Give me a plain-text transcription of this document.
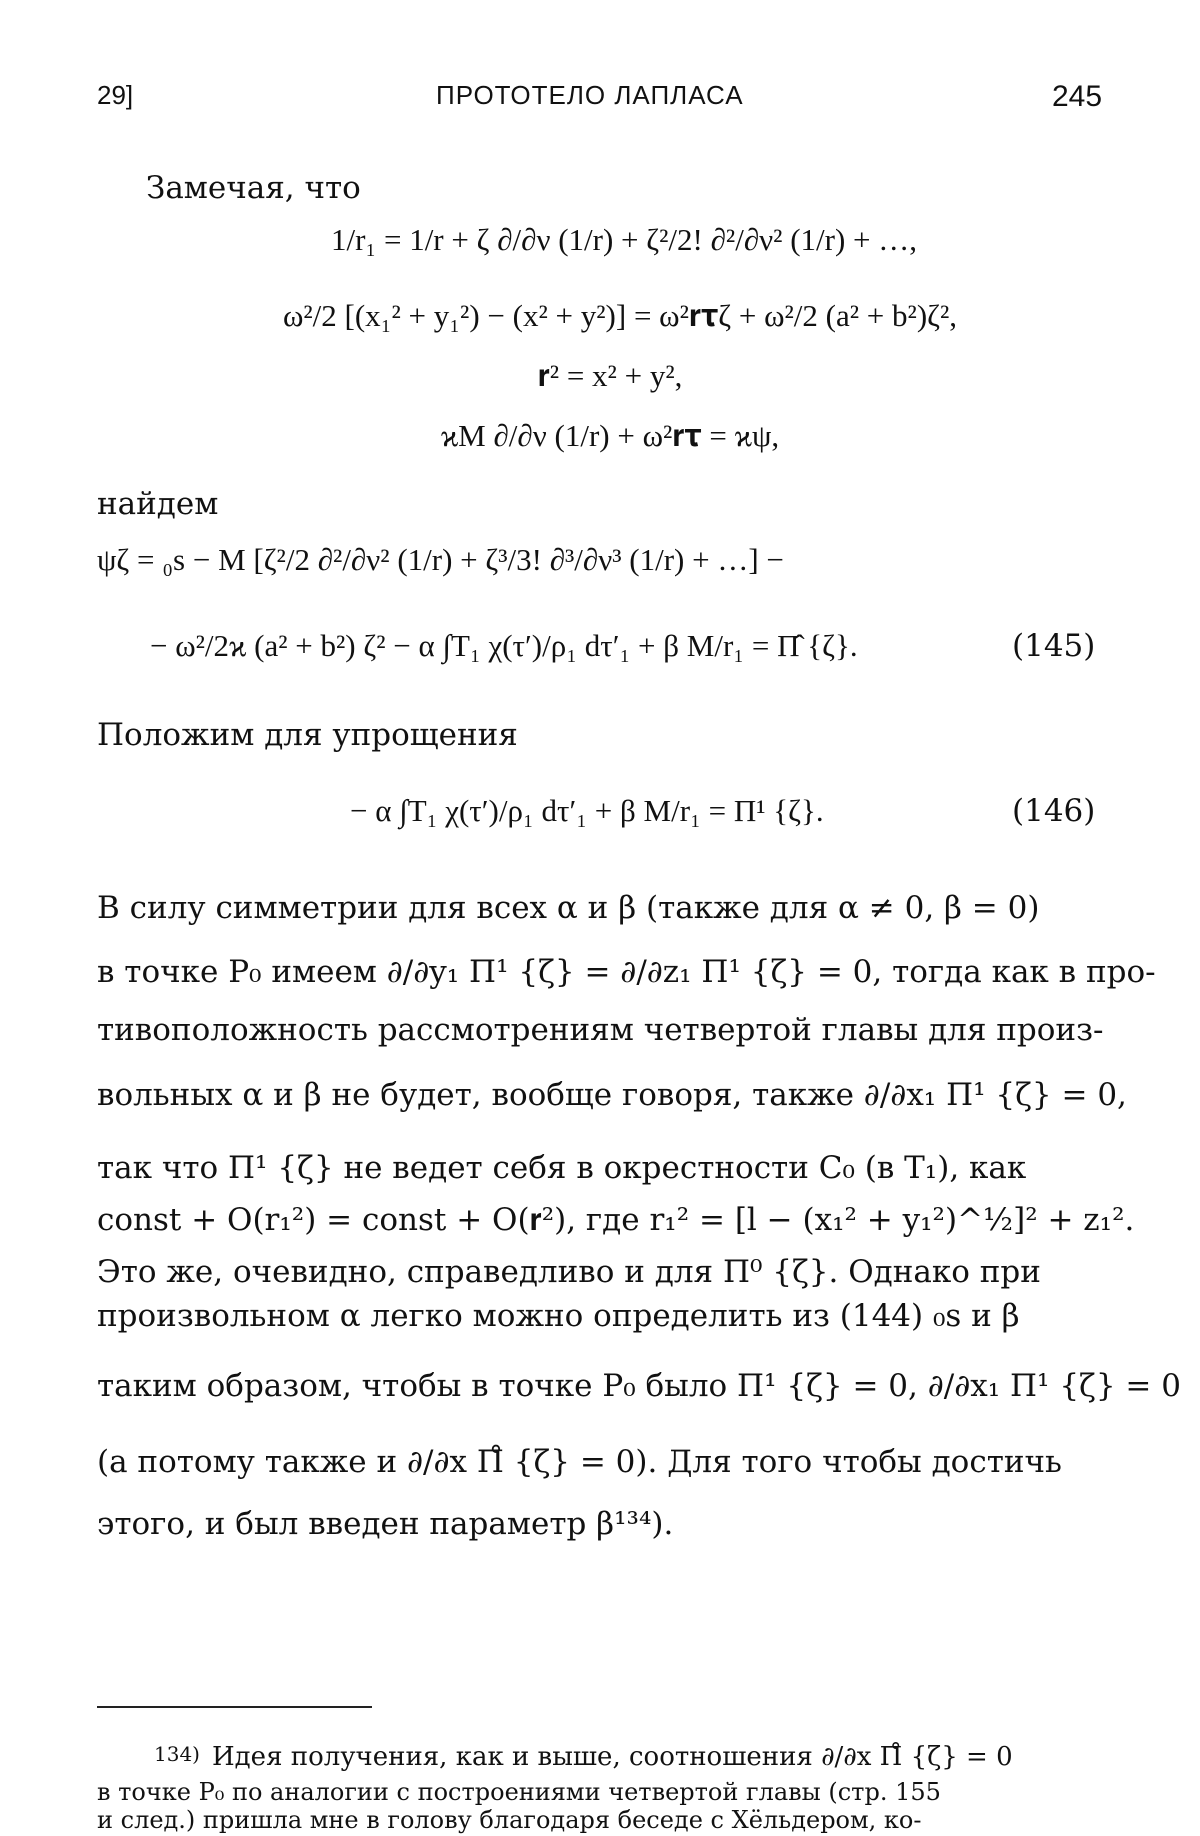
29]	ПРОТОТЕЛО ЛАПЛАСА	245
Замечая, что
1/r₁ = 1/r + ζ ∂/∂ν (1/r) + ζ²/2! ∂²/∂ν² (1/r) + …,
ω²/2 [(x₁² + y₁²) − (x² + y²)] = ω²𝐫𝛕ζ + ω²/2 (a² + b²)ζ²,
𝐫² = x² + y²,
ϰM ∂/∂ν (1/r) + ω²𝐫𝛕 = ϰψ,
найдем
ψζ = ₀s − M [ζ²/2 ∂²/∂ν² (1/r) + ζ³/3! ∂³/∂ν³ (1/r) + …] −
− ω²/2ϰ (a² + b²) ζ² − α ∫T₁ χ(τ′)/ρ₁ dτ′₁ + β M/r₁ = Π̂ {ζ}.	(145)
Положим для упрощения
− α ∫T₁ χ(τ′)/ρ₁ dτ′₁ + β M/r₁ = Π¹ {ζ}.	(146)
В силу симметрии для всех α и β (также для α ≠ 0, β = 0)
в точке P₀ имеем ∂/∂y₁ Π¹ {ζ} = ∂/∂z₁ Π¹ {ζ} = 0, тогда как в про-
тивоположность рассмотрениям четвертой главы для произ-
вольных α и β не будет, вообще говоря, также ∂/∂x₁ Π¹ {ζ} = 0,
так что Π¹ {ζ} не ведет себя в окрестности C₀ (в T₁), как
const + O(r₁²) = const + O(𝐫²), где r₁² = [l − (x₁² + y₁²)^½]² + z₁².
Это же, очевидно, справедливо и для Π⁰ {ζ}. Однако при
произвольном α легко можно определить из (144) ₀s и β
таким образом, чтобы в точке P₀ было Π¹ {ζ} = 0, ∂/∂x₁ Π¹ {ζ} = 0
(а потому также и ∂/∂x Π̊ {ζ} = 0). Для того чтобы достичь
этого, и был введен параметр β¹³⁴).
134) Идея получения, как и выше, соотношения ∂/∂x Π̊ {ζ} = 0
в точке P₀ по аналогии с построениями четвертой главы (стр. 155
и след.) пришла мне в голову благодаря беседе с Хёльдером, ко-
